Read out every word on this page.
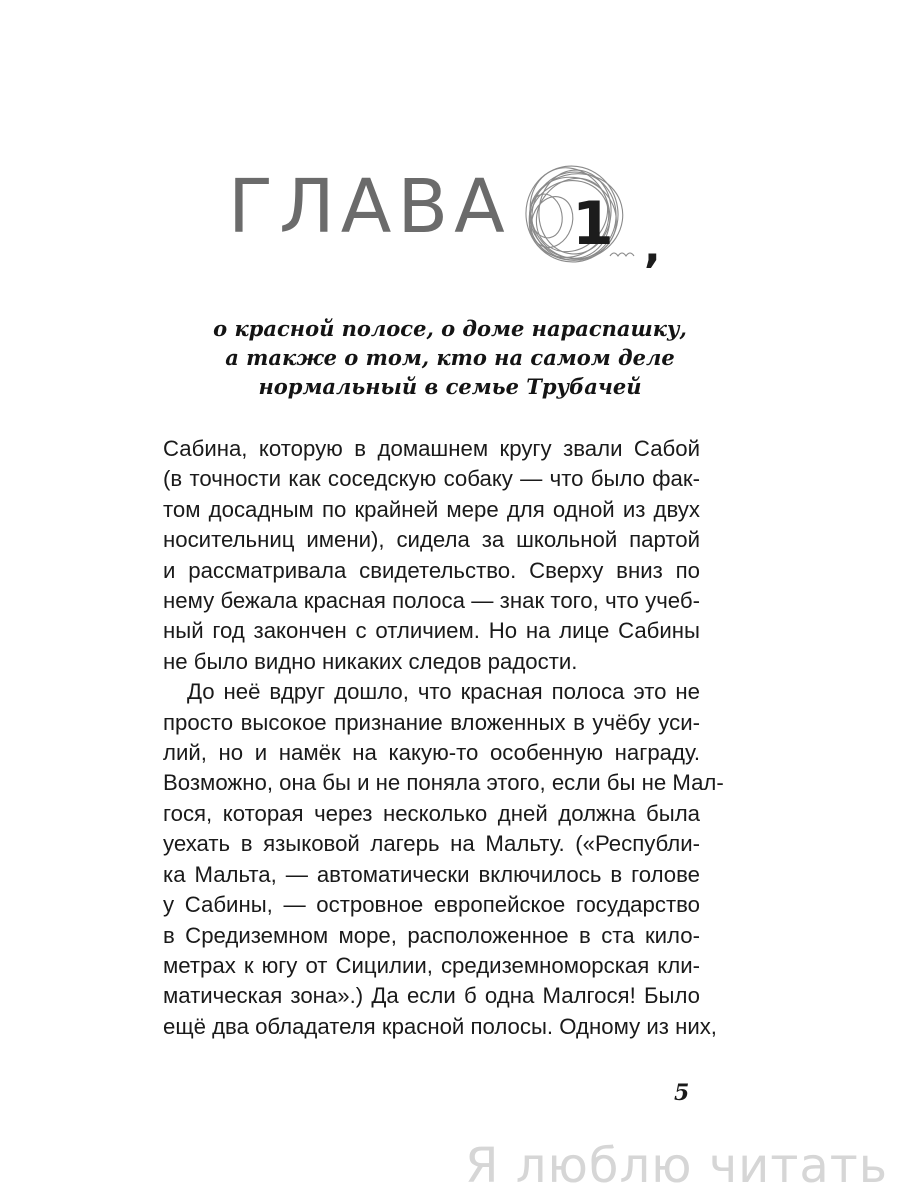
ГЛАВА 1 ,
о красной полосе, о доме нараспашку,
а также о том, кто на самом деле
нормальный в семье Трубачей
Сабина, которую в домашнем кругу звали Сабой
(в точности как соседскую собаку — что было фак-
том досадным по крайней мере для одной из двух
носительниц имени), сидела за школьной партой
и рассматривала свидетельство. Сверху вниз по
нему бежала красная полоса — знак того, что учеб-
ный год закончен с отличием. Но на лице Сабины
не было видно никаких следов радости.
До неё вдруг дошло, что красная полоса это не
просто высокое признание вложенных в учёбу уси-
лий, но и намёк на какую-то особенную награду.
Возможно, она бы и не поняла этого, если бы не Мал-
гося, которая через несколько дней должна была
уехать в языковой лагерь на Мальту. («Республи-
ка Мальта, — автоматически включилось в голове
у Сабины, — островное европейское государство
в Средиземном море, расположенное в ста кило-
метрах к югу от Сицилии, средиземноморская кли-
матическая зона».) Да если б одна Малгося! Было
ещё два обладателя красной полосы. Одному из них,
5
Я люблю читать
